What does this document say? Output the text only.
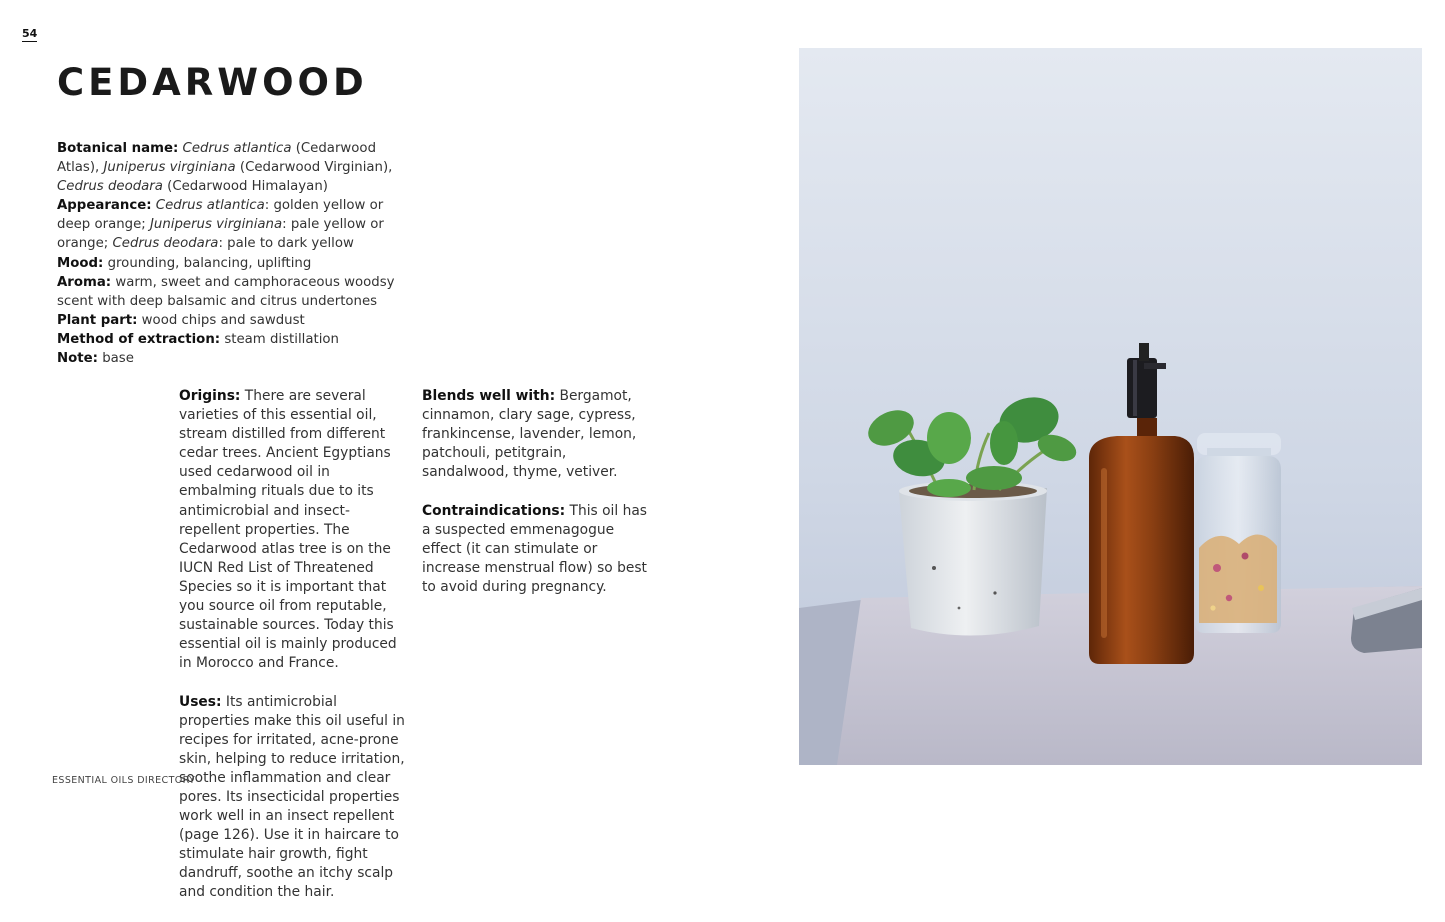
54
CEDARWOOD

Botanical name: Cedrus atlantica (Cedarwood Atlas), Juniperus virginiana (Cedarwood Virginian), Cedrus deodara (Cedarwood Himalayan)

Appearance: Cedrus atlantica: golden yellow or deep orange; Juniperus virginiana: pale yellow or orange; Cedrus deodara: pale to dark yellow

Mood: grounding, balancing, uplifting

Aroma: warm, sweet and camphoraceous woodsy scent with deep balsamic and citrus undertones

Plant part: wood chips and sawdust

Method of extraction: steam distillation

Note: base

Origins: There are several varieties of this essential oil, stream distilled from different cedar trees. Ancient Egyptians used cedarwood oil in embalming rituals due to its antimicrobial and insect-repellent properties. The Cedarwood atlas tree is on the IUCN Red List of Threatened Species so it is important that you source oil from reputable, sustainable sources. Today this essential oil is mainly produced in Morocco and France.

Uses: Its antimicrobial properties make this oil useful in recipes for irritated, acne-prone skin, helping to reduce irritation, soothe inflammation and clear pores. Its insecticidal properties work well in an insect repellent (page 126). Use it in haircare to stimulate hair growth, fight dandruff, soothe an itchy scalp and condition the hair.

Blends well with: Bergamot, cinnamon, clary sage, cypress, frankincense, lavender, lemon, patchouli, petitgrain, sandalwood, thyme, vetiver.

Contraindications: This oil has a suspected emmenagogue effect (it can stimulate or increase menstrual flow) so best to avoid during pregnancy.

ESSENTIAL OILS DIRECTORY
